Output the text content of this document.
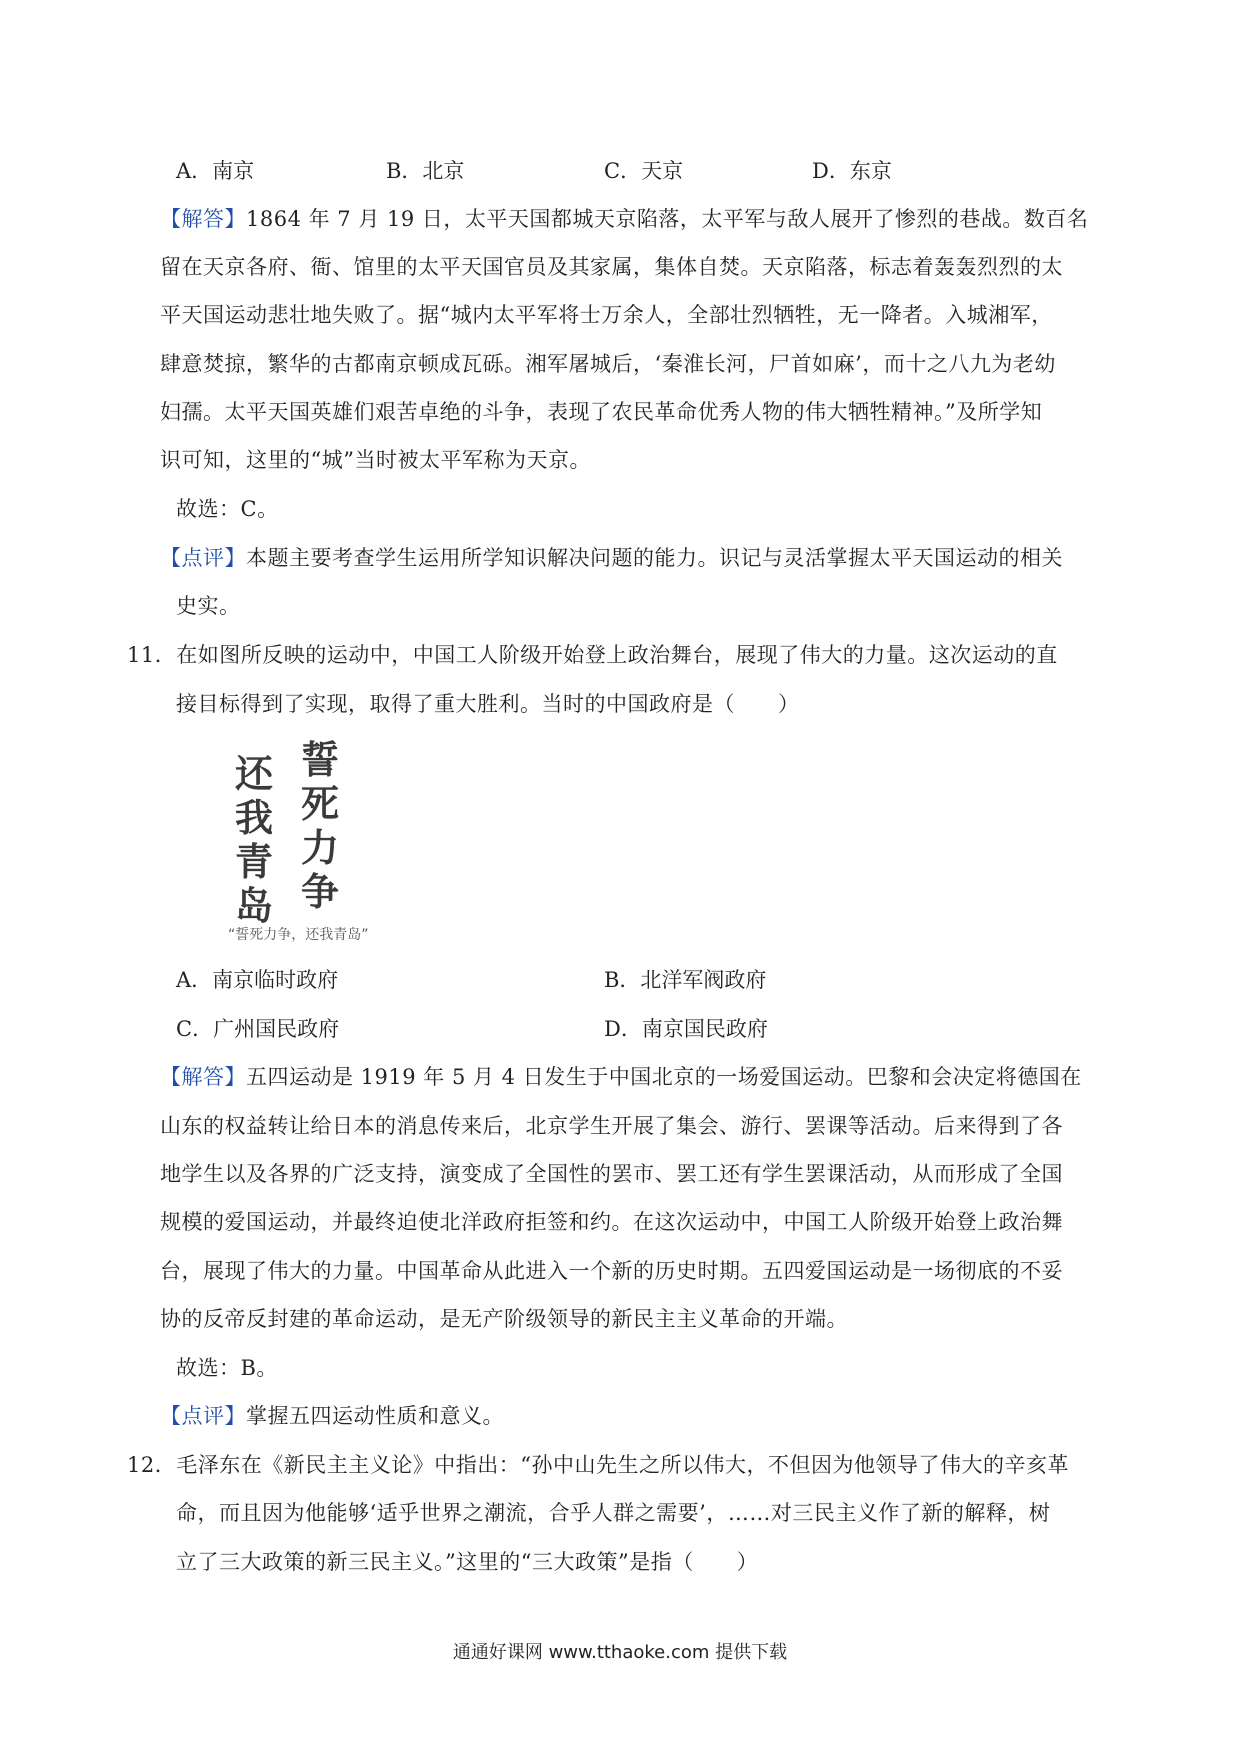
A．南京	B．北京	C．天京	D．东京
【解答】1864 年 7 月 19 日，太平天国都城天京陷落，太平军与敌人展开了惨烈的巷战。数百名
留在天京各府、衙、馆里的太平天国官员及其家属，集体自焚。天京陷落，标志着轰轰烈烈的太
平天国运动悲壮地失败了。据“城内太平军将士万余人，全部壮烈牺牲，无一降者。入城湘军，
肆意焚掠，繁华的古都南京顿成瓦砾。湘军屠城后，‘秦淮长河，尸首如麻’，而十之八九为老幼
妇孺。太平天国英雄们艰苦卓绝的斗争，表现了农民革命优秀人物的伟大牺牲精神。”及所学知
识可知，这里的“城”当时被太平军称为天京。
故选：C。
【点评】本题主要考查学生运用所学知识解决问题的能力。识记与灵活掌握太平天国运动的相关
史实。
11．在如图所反映的运动中，中国工人阶级开始登上政治舞台，展现了伟大的力量。这次运动的直
接目标得到了实现，取得了重大胜利。当时的中国政府是（　　）
誓死力争
还我青岛
“誓死力争，还我青岛”
A．南京临时政府	B．北洋军阀政府
C．广州国民政府	D．南京国民政府
【解答】五四运动是 1919 年 5 月 4 日发生于中国北京的一场爱国运动。巴黎和会决定将德国在
山东的权益转让给日本的消息传来后，北京学生开展了集会、游行、罢课等活动。后来得到了各
地学生以及各界的广泛支持，演变成了全国性的罢市、罢工还有学生罢课活动，从而形成了全国
规模的爱国运动，并最终迫使北洋政府拒签和约。在这次运动中，中国工人阶级开始登上政治舞
台，展现了伟大的力量。中国革命从此进入一个新的历史时期。五四爱国运动是一场彻底的不妥
协的反帝反封建的革命运动，是无产阶级领导的新民主主义革命的开端。
故选：B。
【点评】掌握五四运动性质和意义。
12．毛泽东在《新民主主义论》中指出：“孙中山先生之所以伟大，不但因为他领导了伟大的辛亥革
命，而且因为他能够‘适乎世界之潮流，合乎人群之需要’，……对三民主义作了新的解释，树
立了三大政策的新三民主义。”这里的“三大政策”是指（　　）
通通好课网 www.tthaoke.com 提供下载
